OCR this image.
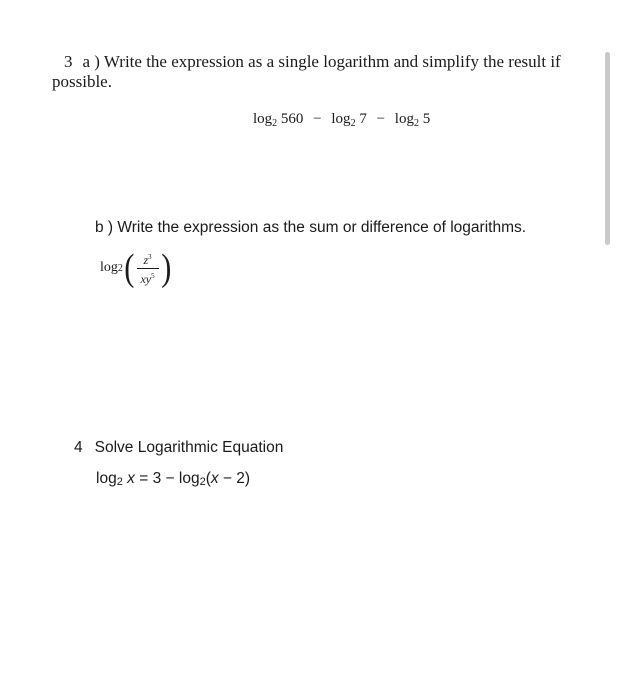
3 a ) Write the expression as a single logarithm and simplify the result if possible.
$\log_2 560 - \log_2 7 - \log_2 5$
b ) Write the expression as the sum or difference of logarithms.
log 2 ( $\frac{z^3}{xy^5}$ )
4 Solve Logarithmic Equation
log2 x = 3 − log2(x − 2)
